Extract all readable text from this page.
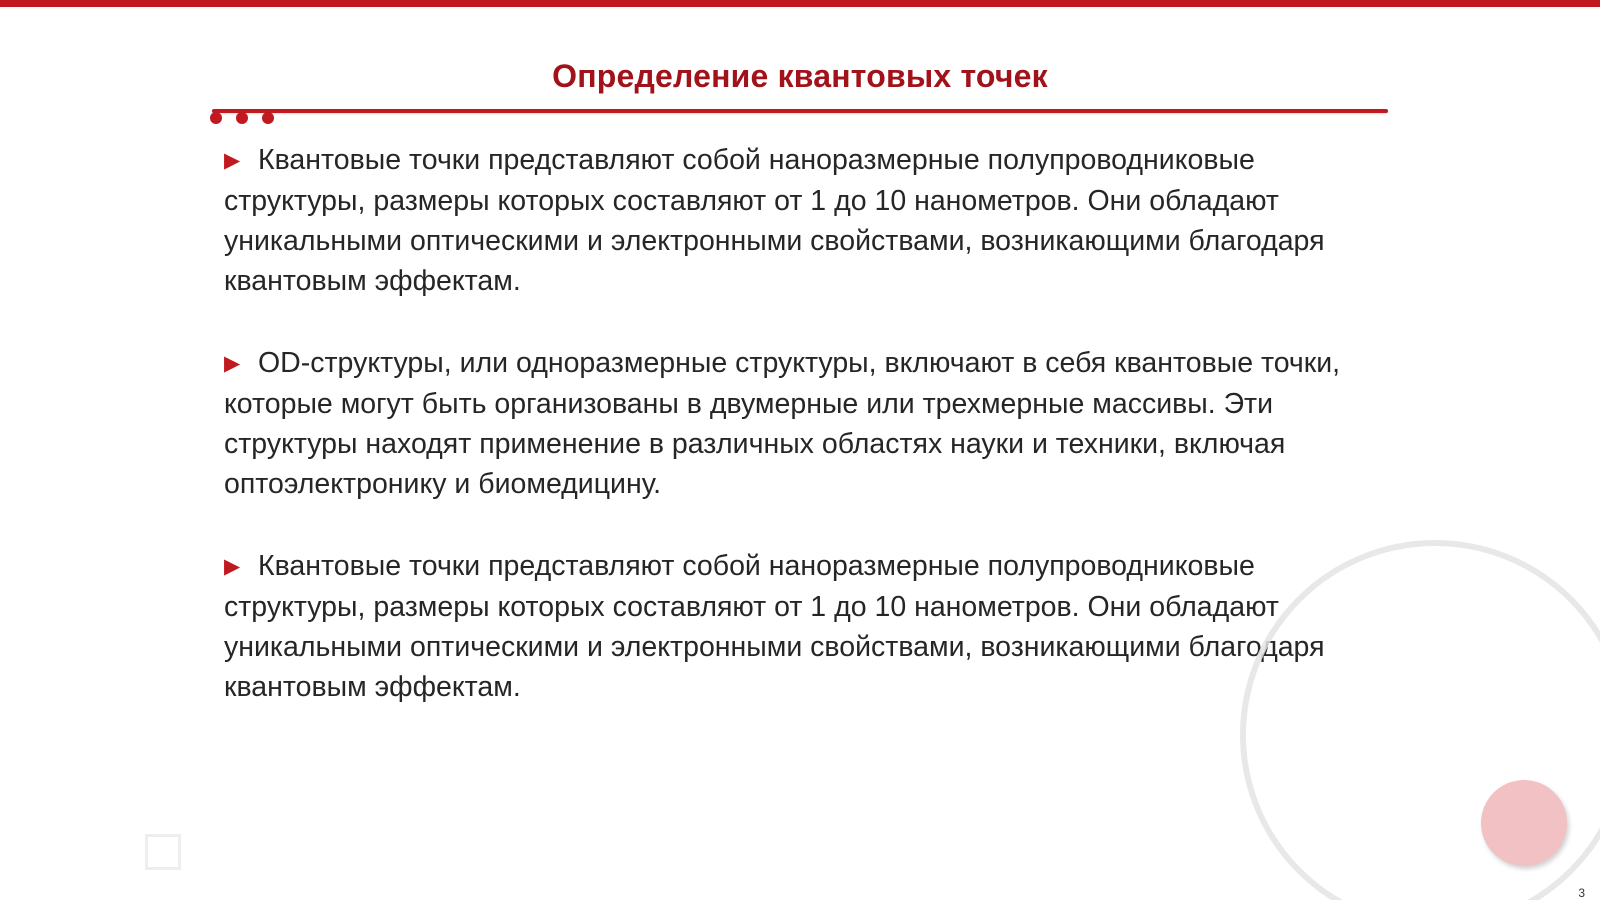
Определение квантовых точек

▶ Квантовые точки представляют собой наноразмерные полупроводниковые структуры, размеры которых составляют от 1 до 10 нанометров. Они обладают уникальными оптическими и электронными свойствами, возникающими благодаря квантовым эффектам.

▶ OD-структуры, или одноразмерные структуры, включают в себя квантовые точки, которые могут быть организованы в двумерные или трехмерные массивы. Эти структуры находят применение в различных областях науки и техники, включая оптоэлектронику и биомедицину.

▶ Квантовые точки представляют собой наноразмерные полупроводниковые структуры, размеры которых составляют от 1 до 10 нанометров. Они обладают уникальными оптическими и электронными свойствами, возникающими благодаря квантовым эффектам.

3
